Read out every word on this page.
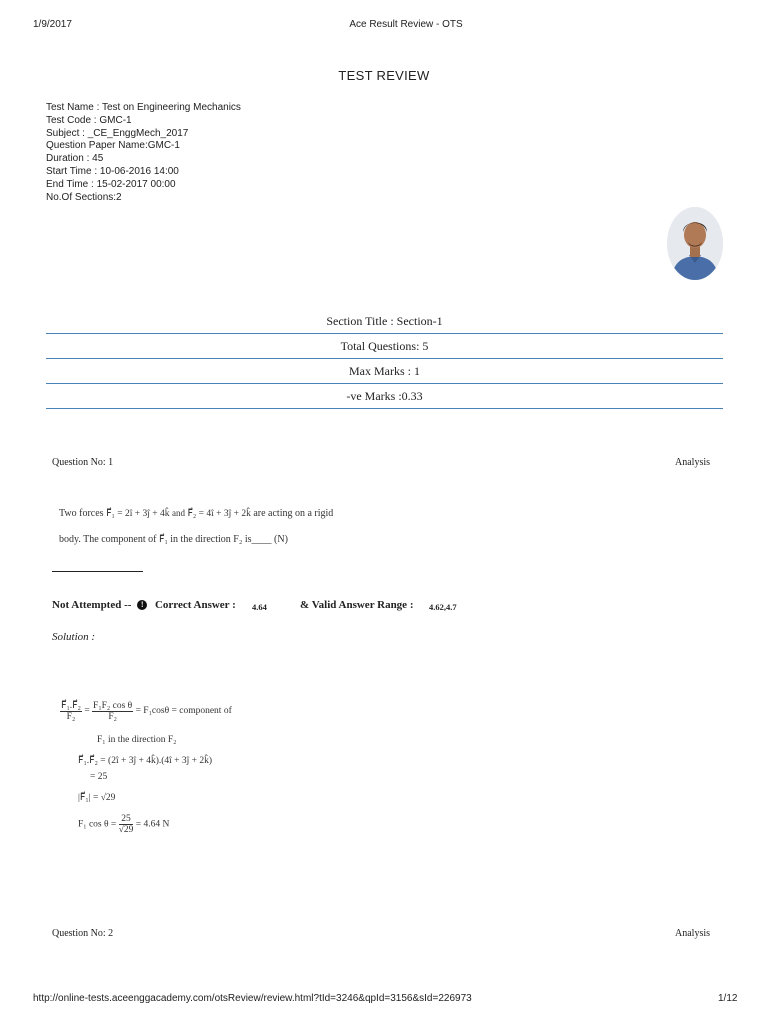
1/9/2017	Ace Result Review - OTS
TEST REVIEW
Test Name : Test on Engineering Mechanics
Test Code : GMC-1
Subject : _CE_EnggMech_2017
Question Paper Name:GMC-1
Duration : 45
Start Time : 10-06-2016 14:00
End Time : 15-02-2017 00:00
No.Of Sections:2
Section Title : Section-1
Total Questions: 5
Max Marks : 1
-ve Marks :0.33
Question No: 1	Analysis
Two forces F⃗₁ = 2î + 3ĵ + 4k̂ and F⃗₂ = 4î + 3ĵ + 2k̂ are acting on a rigid
body. The component of F⃗₁ in the direction F₂ is____ (N)
Not Attempted -- ! Correct Answer : 4.64	& Valid Answer Range : 4.62,4.7
Solution :
$\frac{\text{F⃗₁.F⃗₂}}{\text{F₂}} = \frac{\text{F₁F₂ cos θ}}{\text{F₂}} = F_1\cos\theta$ = component of
F₁ in the direction F₂
F⃗₁.F⃗₂ = (2î + 3ĵ + 4k̂).(4î + 3ĵ + 2k̂)
= 25
|F⃗₁| = √29
F₁ $\cos \theta = \frac{25}{√29} = 4.64$ N
Question No: 2	Analysis
http://online-tests.aceenggacademy.com/otsReview/review.html?tId=3246&qpId=3156&sId=226973	1/12
